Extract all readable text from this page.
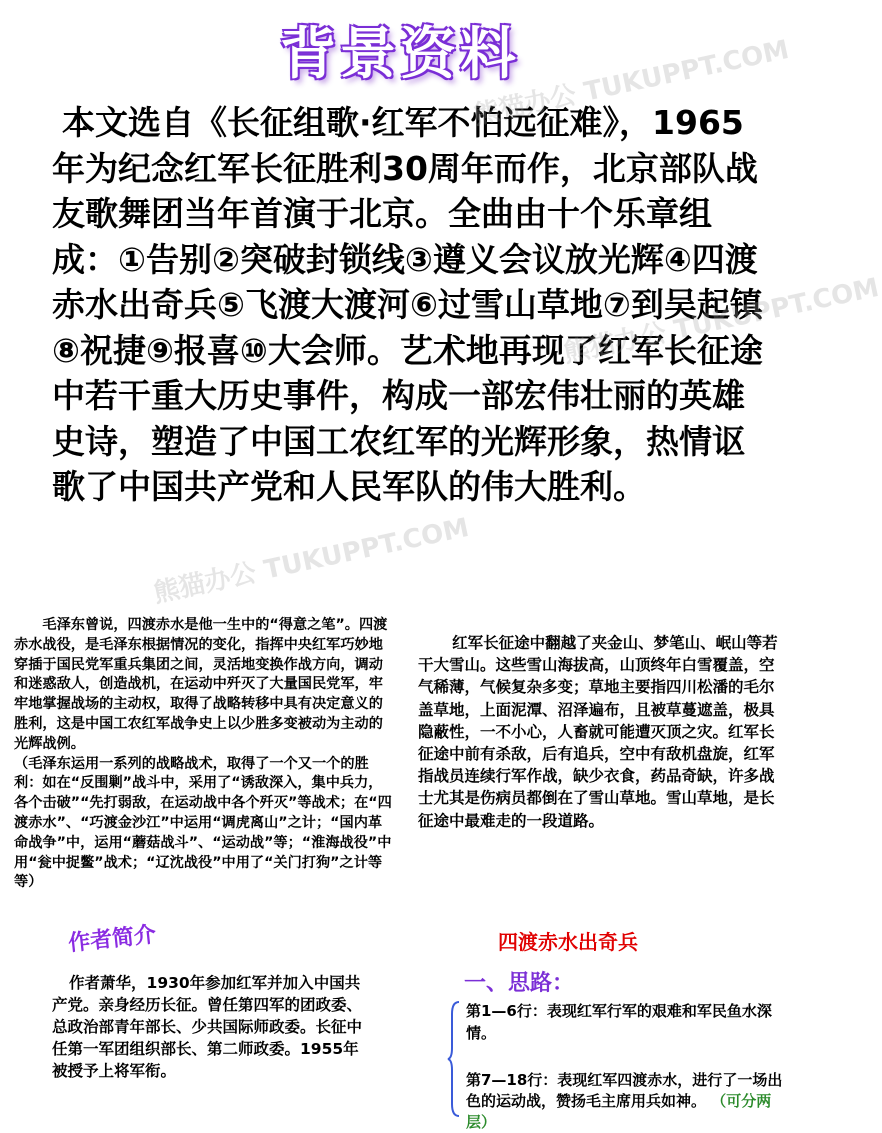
背景资料
本文选自《长征组歌·红军不怕远征难》，1965年为纪念红军长征胜利30周年而作，北京部队战友歌舞团当年首演于北京。全曲由十个乐章组成：①告别②突破封锁线③遵义会议放光辉④四渡赤水出奇兵⑤飞渡大渡河⑥过雪山草地⑦到吴起镇⑧祝捷⑨报喜⑩大会师。艺术地再现了红军长征途中若干重大历史事件，构成一部宏伟壮丽的英雄史诗，塑造了中国工农红军的光辉形象，热情讴歌了中国共产党和人民军队的伟大胜利。
熊猫办公 TUKUPPT.COM
熊猫办公 TUKUPPT.COM
熊猫办公 TUKUPPT.COM

毛泽东曾说，四渡赤水是他一生中的“得意之笔”。四渡赤水战役，是毛泽东根据情况的变化，指挥中央红军巧妙地穿插于国民党军重兵集团之间，灵活地变换作战方向，调动和迷惑敌人，创造战机，在运动中歼灭了大量国民党军，牢牢地掌握战场的主动权，取得了战略转移中具有决定意义的胜利，这是中国工农红军战争史上以少胜多变被动为主动的光辉战例。

（毛泽东运用一系列的战略战术，取得了一个又一个的胜利：如在“反围剿”战斗中，采用了“诱敌深入，集中兵力，各个击破”“先打弱敌，在运动战中各个歼灭”等战术；在“四渡赤水”、“巧渡金沙江”中运用“调虎离山”之计；“国内革命战争”中，运用“蘑菇战斗”、“运动战”等；“淮海战役”中用“瓮中捉鳖”战术；“辽沈战役”中用了“关门打狗”之计等等）

红军长征途中翻越了夹金山、梦笔山、岷山等若干大雪山。这些雪山海拔高，山顶终年白雪覆盖，空气稀薄，气候复杂多变；草地主要指四川松潘的毛尔盖草地，上面泥潭、沼泽遍布，且被草蔓遮盖，极具隐蔽性，一不小心，人畜就可能遭灭顶之灾。红军长征途中前有杀敌，后有追兵，空中有敌机盘旋，红军指战员连续行军作战，缺少衣食，药品奇缺，许多战士尤其是伤病员都倒在了雪山草地。雪山草地，是长征途中最难走的一段道路。
作者简介
作者萧华，1930年参加红军并加入中国共产党。亲身经历长征。曾任第四军的团政委、总政治部青年部长、少共国际师政委。长征中任第一军团组织部长、第二师政委。1955年被授予上将军衔。
四渡赤水出奇兵
一、思路：
第1—6行：表现红军行军的艰难和军民鱼水深情。
第7—18行：表现红军四渡赤水，进行了一场出色的运动战，赞扬毛主席用兵如神。 （可分两层）
